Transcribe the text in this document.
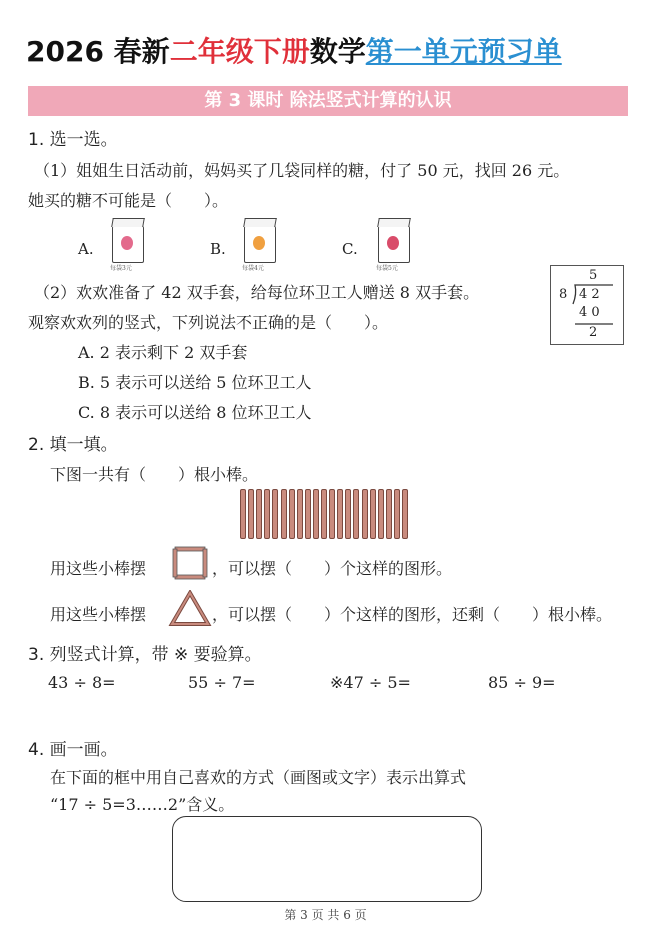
2026 春新二年级下册数学第一单元预习单
第 3 课时 除法竖式计算的认识
1. 选一选。
（1）姐姐生日活动前，妈妈买了几袋同样的糖，付了 50 元，找回 26 元。
她买的糖不可能是（　　）。
A.
每袋3元
B.
每袋4元
C.
每袋5元
（2）欢欢准备了 42 双手套，给每位环卫工人赠送 8 双手套。
观察欢欢列的竖式，下列说法不正确的是（　　）。
5
8 4 2
4 0
2
A. 2 表示剩下 2 双手套
B. 5 表示可以送给 5 位环卫工人
C. 8 表示可以送给 8 位环卫工人
2. 填一填。
下图一共有（　　）根小棒。
用这些小棒摆	，可以摆（　　）个这样的图形。
用这些小棒摆	，可以摆（　　）个这样的图形，还剩（　　）根小棒。
3. 列竖式计算，带 ※ 要验算。
43 ÷ 8=	55 ÷ 7=	※47 ÷ 5=	85 ÷ 9=
4. 画一画。
在下面的框中用自己喜欢的方式（画图或文字）表示出算式
“17 ÷ 5=3……2”含义。
第 3 页 共 6 页
